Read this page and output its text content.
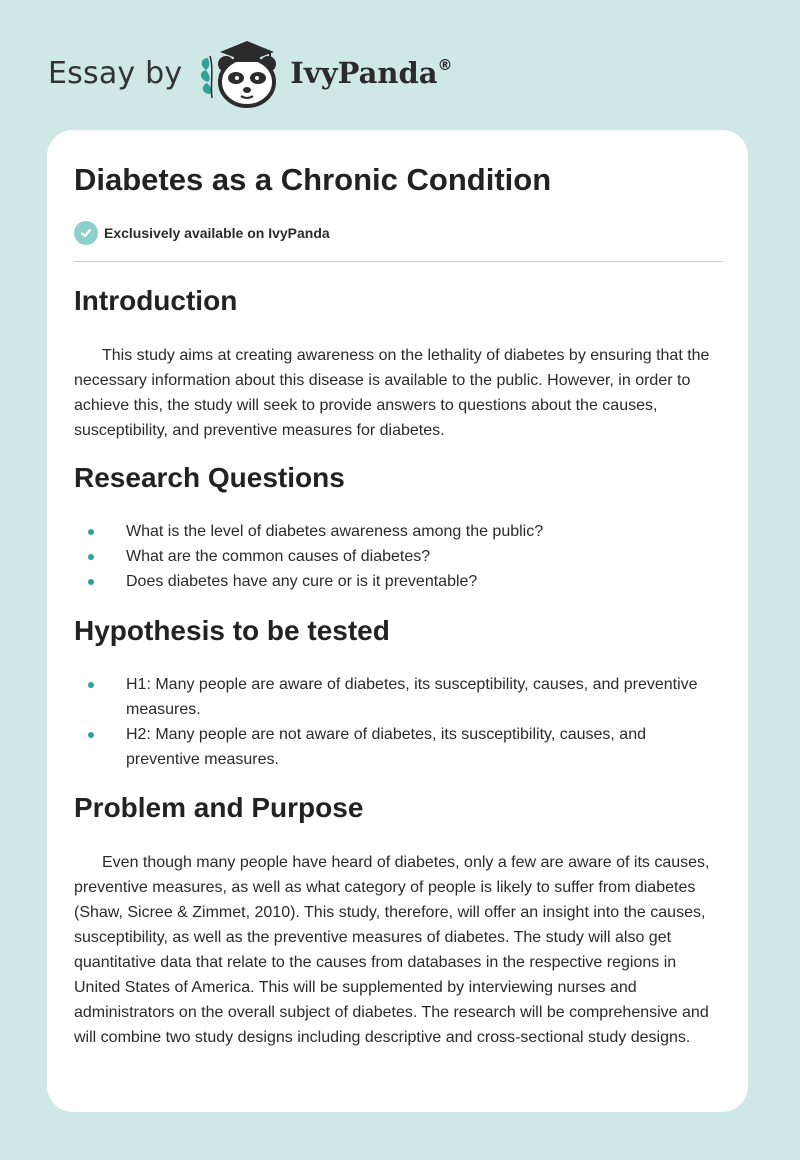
Essay by	IvyPanda®
Diabetes as a Chronic Condition
Exclusively available on IvyPanda
Introduction

This study aims at creating awareness on the lethality of diabetes by ensuring that the necessary information about this disease is available to the public. However, in order to achieve this, the study will seek to provide answers to questions about the causes, susceptibility, and preventive measures for diabetes.

Research Questions
What is the level of diabetes awareness among the public?
What are the common causes of diabetes?
Does diabetes have any cure or is it preventable?
Hypothesis to be tested
H1: Many people are aware of diabetes, its susceptibility, causes, and preventive measures.
H2: Many people are not aware of diabetes, its susceptibility, causes, and preventive measures.
Problem and Purpose

Even though many people have heard of diabetes, only a few are aware of its causes, preventive measures, as well as what category of people is likely to suffer from diabetes (Shaw, Sicree & Zimmet, 2010). This study, therefore, will offer an insight into the causes, susceptibility, as well as the preventive measures of diabetes. The study will also get quantitative data that relate to the causes from databases in the respective regions in United States of America. This will be supplemented by interviewing nurses and administrators on the overall subject of diabetes. The research will be comprehensive and will combine two study designs including descriptive and cross-sectional study designs.
